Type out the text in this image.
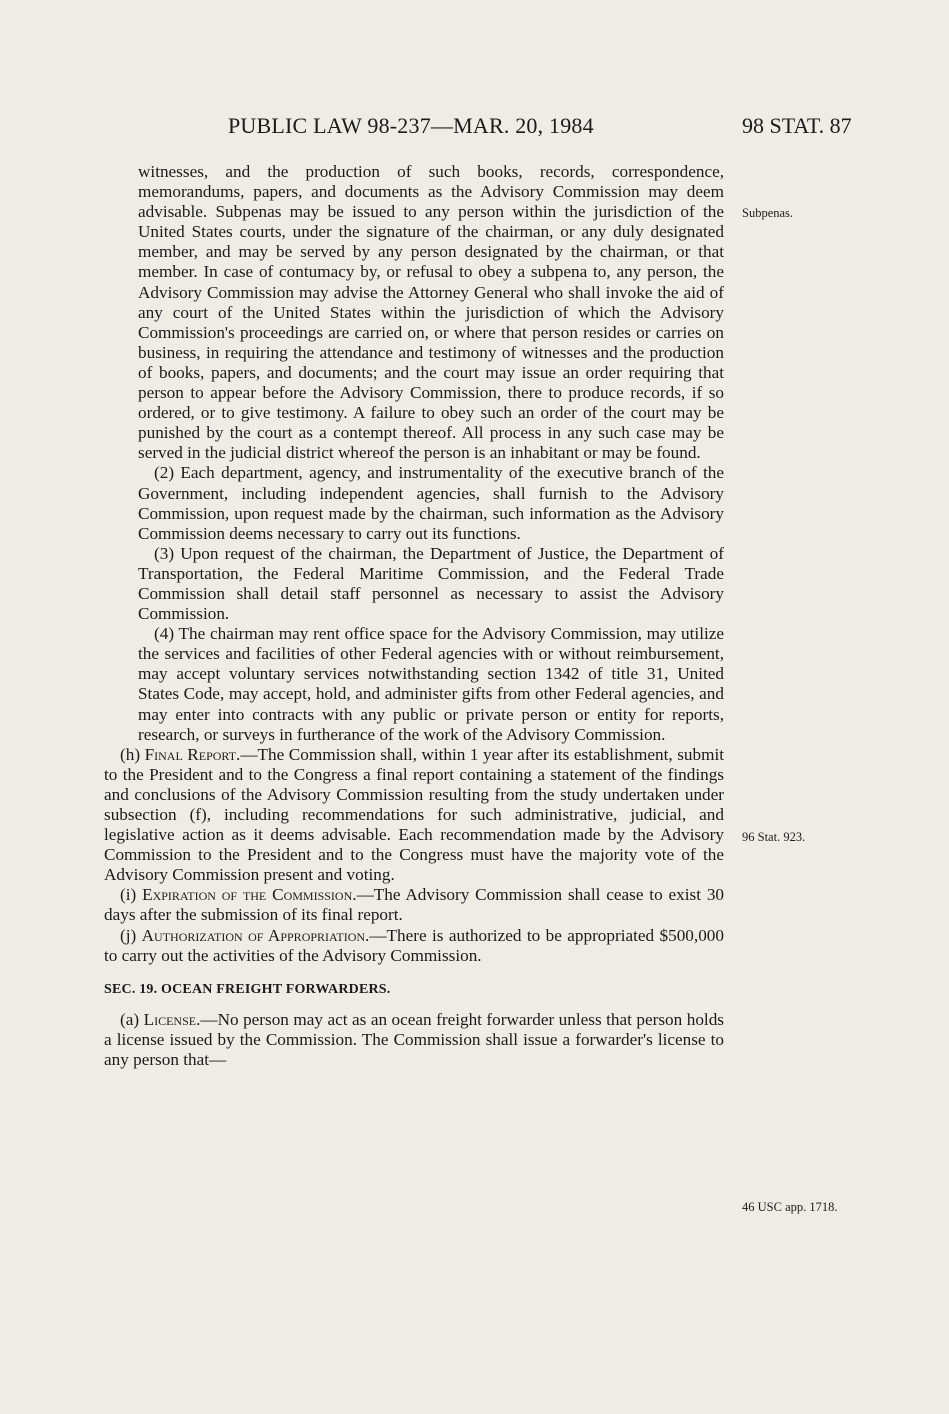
PUBLIC LAW 98-237—MAR. 20, 1984	98 STAT. 87

witnesses, and the production of such books, records, correspondence, memorandums, papers, and documents as the Advisory Commission may deem advisable. Subpenas may be issued to any person within the jurisdiction of the United States courts, under the signature of the chairman, or any duly designated member, and may be served by any person designated by the chairman, or that member. In case of contumacy by, or refusal to obey a subpena to, any person, the Advisory Commission may advise the Attorney General who shall invoke the aid of any court of the United States within the jurisdiction of which the Advisory Commission's proceedings are carried on, or where that person resides or carries on business, in requiring the attendance and testimony of witnesses and the production of books, papers, and documents; and the court may issue an order requiring that person to appear before the Advisory Commission, there to produce records, if so ordered, or to give testimony. A failure to obey such an order of the court may be punished by the court as a contempt thereof. All process in any such case may be served in the judicial district whereof the person is an inhabitant or may be found.

(2) Each department, agency, and instrumentality of the executive branch of the Government, including independent agencies, shall furnish to the Advisory Commission, upon request made by the chairman, such information as the Advisory Commission deems necessary to carry out its functions.

(3) Upon request of the chairman, the Department of Justice, the Department of Transportation, the Federal Maritime Commission, and the Federal Trade Commission shall detail staff personnel as necessary to assist the Advisory Commission.

(4) The chairman may rent office space for the Advisory Commission, may utilize the services and facilities of other Federal agencies with or without reimbursement, may accept voluntary services notwithstanding section 1342 of title 31, United States Code, may accept, hold, and administer gifts from other Federal agencies, and may enter into contracts with any public or private person or entity for reports, research, or surveys in furtherance of the work of the Advisory Commission.

(h) Final Report.—The Commission shall, within 1 year after its establishment, submit to the President and to the Congress a final report containing a statement of the findings and conclusions of the Advisory Commission resulting from the study undertaken under subsection (f), including recommendations for such administrative, judicial, and legislative action as it deems advisable. Each recommendation made by the Advisory Commission to the President and to the Congress must have the majority vote of the Advisory Commission present and voting.

(i) Expiration of the Commission.—The Advisory Commission shall cease to exist 30 days after the submission of its final report.

(j) Authorization of Appropriation.—There is authorized to be appropriated $500,000 to carry out the activities of the Advisory Commission.

SEC. 19. OCEAN FREIGHT FORWARDERS.

(a) License.—No person may act as an ocean freight forwarder unless that person holds a license issued by the Commission. The Commission shall issue a forwarder's license to any person that—

Subpenas.
96 Stat. 923.
46 USC app. 1718.
